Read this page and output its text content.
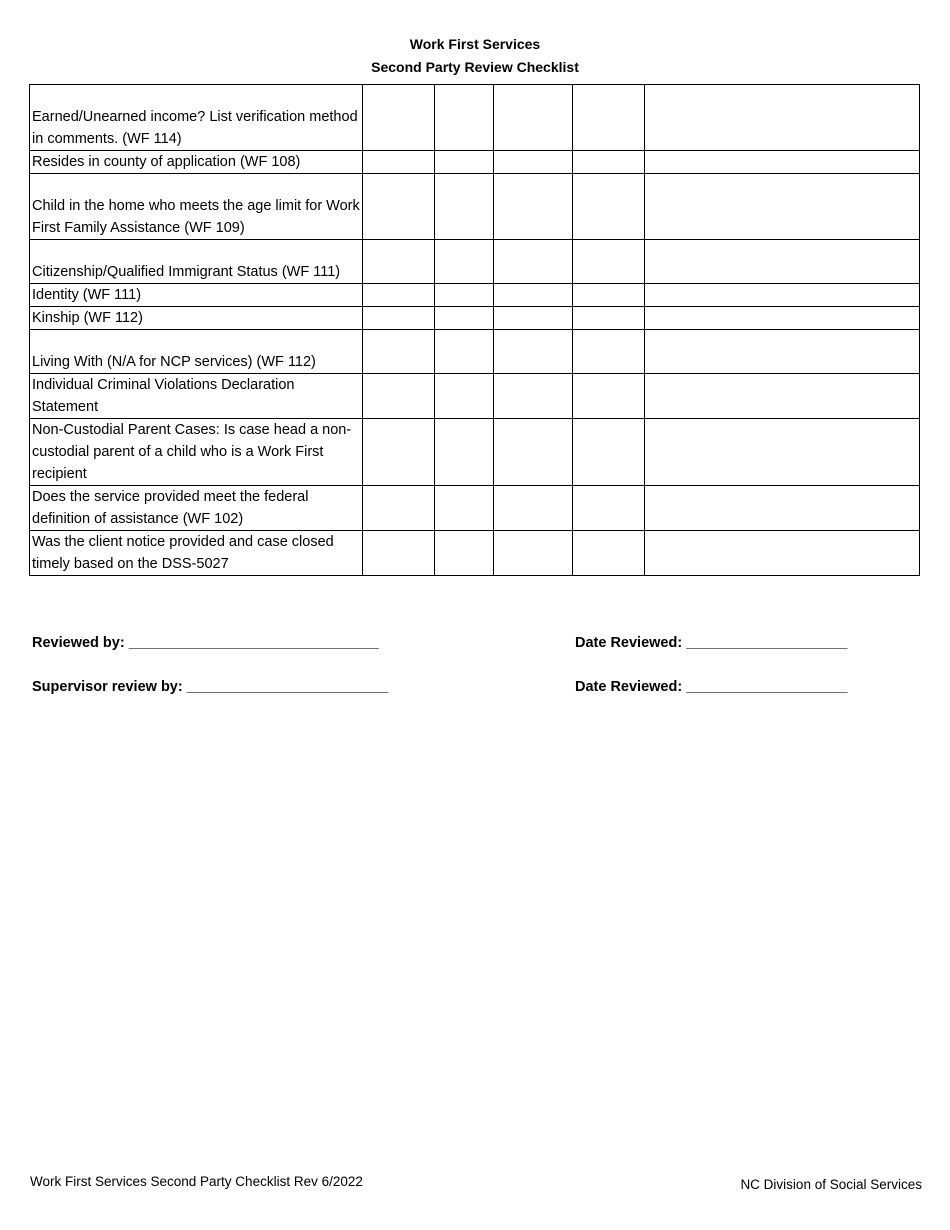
Work First Services
Second Party Review Checklist
Earned/Unearned income? List verification method in comments. (WF 114)					
Resides in county of application (WF 108)					
Child in the home who meets the age limit for Work First Family Assistance (WF 109)					
Citizenship/Qualified Immigrant Status (WF 111)					
Identity (WF 111)					
Kinship (WF 112)					
Living With (N/A for NCP services) (WF 112)					
Individual Criminal Violations Declaration Statement					
Non-Custodial Parent Cases: Is case head a non-custodial parent of a child who is a Work First recipient					
Does the service provided meet the federal definition of assistance (WF 102)					
Was the client notice provided and case closed timely based on the DSS-5027					
Reviewed by: _______________________________	Date Reviewed: ____________________
Supervisor review by: _________________________	Date Reviewed: ____________________
Work First Services Second Party Checklist Rev 6/2022	NC Division of Social Services
